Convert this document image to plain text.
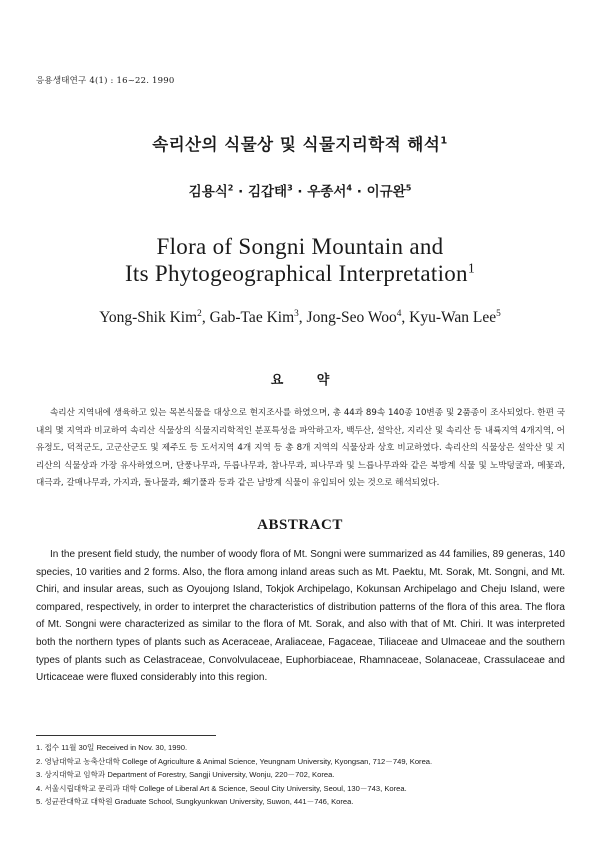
응용생태연구 4(1) : 16~22. 1990
속리산의 식물상 및 식물지리학적 해석$^1$
김용식$^2$ · 김갑태$^3$ · 우종서$^4$ · 이규완$^5$
Flora of Songni Mountain and
Its Phytogeographical Interpretation$^1$
Yong-Shik Kim$^2$, Gab-Tae Kim$^3$, Jong-Seo Woo$^4$, Kyu-Wan Lee$^5$
요  	약

속리산 지역내에 생육하고 있는 목본식물을 대상으로 현지조사를 하였으며, 총 44과 89속 140종 10변종 및 2품종이 조사되었다. 한편 국내의 몇 지역과 비교하여 속리산 식물상의 식물지리학적인 분포특성을 파악하고자, 백두산, 설악산, 지리산 및 속리산 등 내륙지역 4개지역, 어유정도, 덕적군도, 고군산군도 및 제주도 등 도서지역 4개 지역 등 총 8개 지역의 식물상과 상호 비교하였다. 속리산의 식물상은 설악산 및 지리산의 식물상과 가장 유사하였으며, 단풍나무과, 두릅나무과, 참나무과, 피나무과 및 느릅나무과와 같은 북방계 식물 및 노박덩굴과, 메꽃과, 대극과, 갈매나무과, 가지과, 돌나물과, 쐐기풀과 등과 같은 남방계 식물이 유입되어 있는 것으로 해석되었다.

ABSTRACT

In the present field study, the number of woody flora of Mt. Songni were summarized as 44 families, 89 generas, 140 species, 10 varities and 2 forms. Also, the flora among inland areas such as Mt. Paektu, Mt. Sorak, Mt. Songni, and Mt. Chiri, and insular areas, such as Oyoujong Island, Tokjok Archipelago, Kokunsan Archipelago and Cheju Island, were compared, respectively, in order to interpret the characteristics of distribution patterns of the flora of this area. The flora of Mt. Songni were characterized as similar to the flora of Mt. Sorak, and also with that of Mt. Chiri. It was interpreted both the northern types of plants such as Aceraceae, Araliaceae, Fagaceae, Tiliaceae and Ulmaceae and the southern types of plants such as Celastraceae, Convolvulaceae, Euphorbiaceae, Rhamnaceae, Solanaceae, Crassulaceae and Urticaceae were fluxed considerably into this region.

1. 접수 11월 30일 Received in Nov. 30, 1990.
2. 영남대학교 농축산대학 College of Agriculture & Animal Science, Yeungnam University, Kyongsan, 712－749, Korea.
3. 상지대학교 임학과 Department of Forestry, Sangji University, Wonju, 220－702, Korea.
4. 서울시립대학교 문리과 대학 College of Liberal Art & Science, Seoul City University, Seoul, 130－743, Korea.
5. 성균관대학교 대학원 Graduate School, Sungkyunkwan University, Suwon, 441－746, Korea.
